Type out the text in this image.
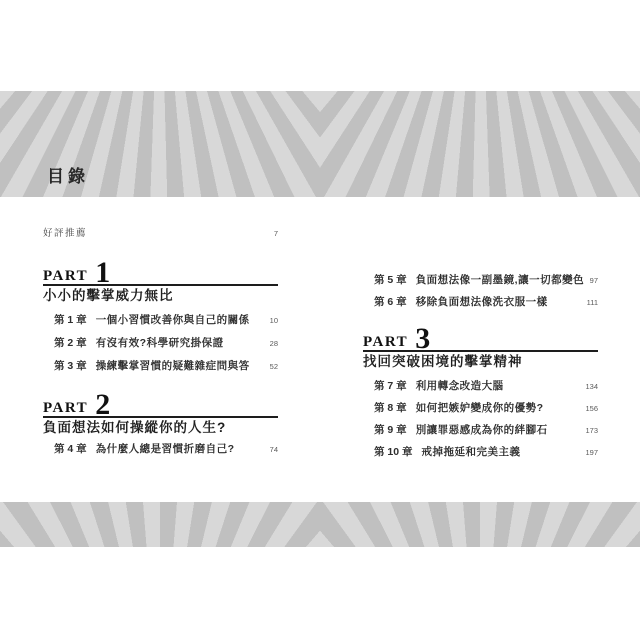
目錄
好評推薦	7
PART 1
小小的擊掌威力無比
第 1 章 一個小習慣改善你與自己的關係	10
第 2 章 有沒有效?科學研究掛保證	28
第 3 章 操練擊掌習慣的疑難雜症問與答	52
PART 2
負面想法如何操縱你的人生?
第 4 章 為什麼人總是習慣折磨自己?	74
第 5 章 負面想法像一副墨鏡,讓一切都變色 97
第 6 章 移除負面想法像洗衣服一樣	111
PART 3
找回突破困境的擊掌精神
第 7 章 利用轉念改造大腦	134
第 8 章 如何把嫉妒變成你的優勢?	156
第 9 章 別讓罪惡感成為你的絆腳石	173
第 10 章 戒掉拖延和完美主義	197
